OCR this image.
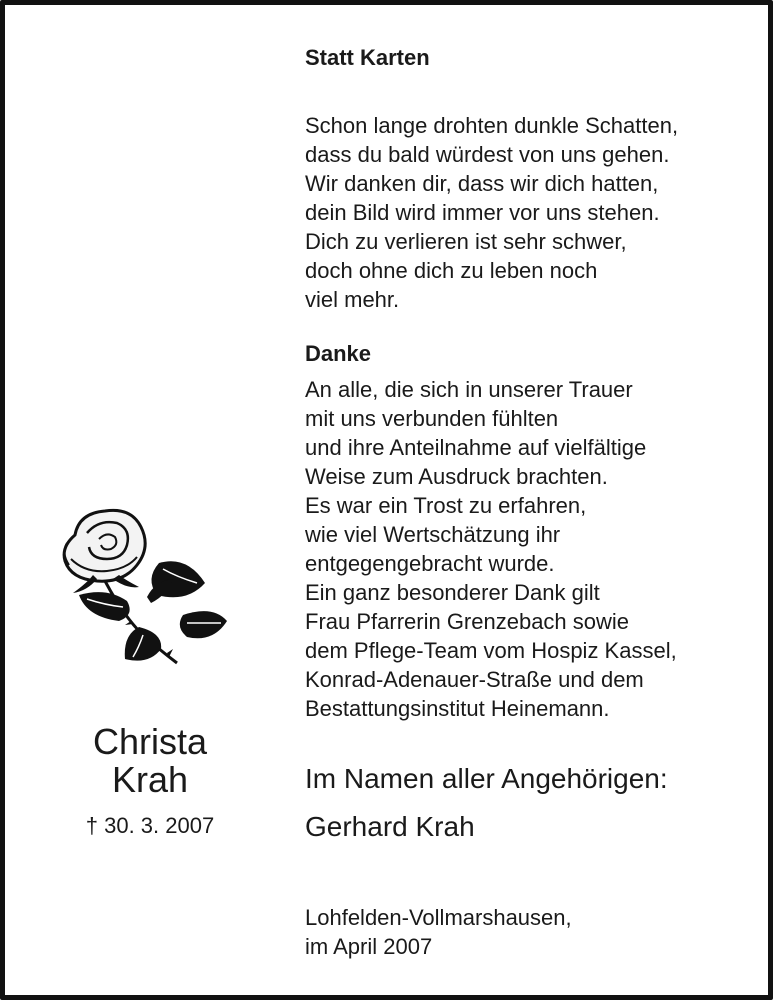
Statt Karten
Schon lange drohten dunkle Schatten,
dass du bald würdest von uns gehen.
Wir danken dir, dass wir dich hatten,
dein Bild wird immer vor uns stehen.
Dich zu verlieren ist sehr schwer,
doch ohne dich zu leben noch
viel mehr.
Danke
An alle, die sich in unserer Trauer
mit uns verbunden fühlten
und ihre Anteilnahme auf vielfältige
Weise zum Ausdruck brachten.
Es war ein Trost zu erfahren,
wie viel Wertschätzung ihr
entgegengebracht wurde.
Ein ganz besonderer Dank gilt
Frau Pfarrerin Grenzebach sowie
dem Pflege-Team vom Hospiz Kassel,
Konrad-Adenauer-Straße und dem
Bestattungsinstitut Heinemann.
Im Namen aller Angehörigen:
Gerhard Krah
Lohfelden-Vollmarshausen,
im April 2007
Christa
Krah
† 30. 3. 2007
